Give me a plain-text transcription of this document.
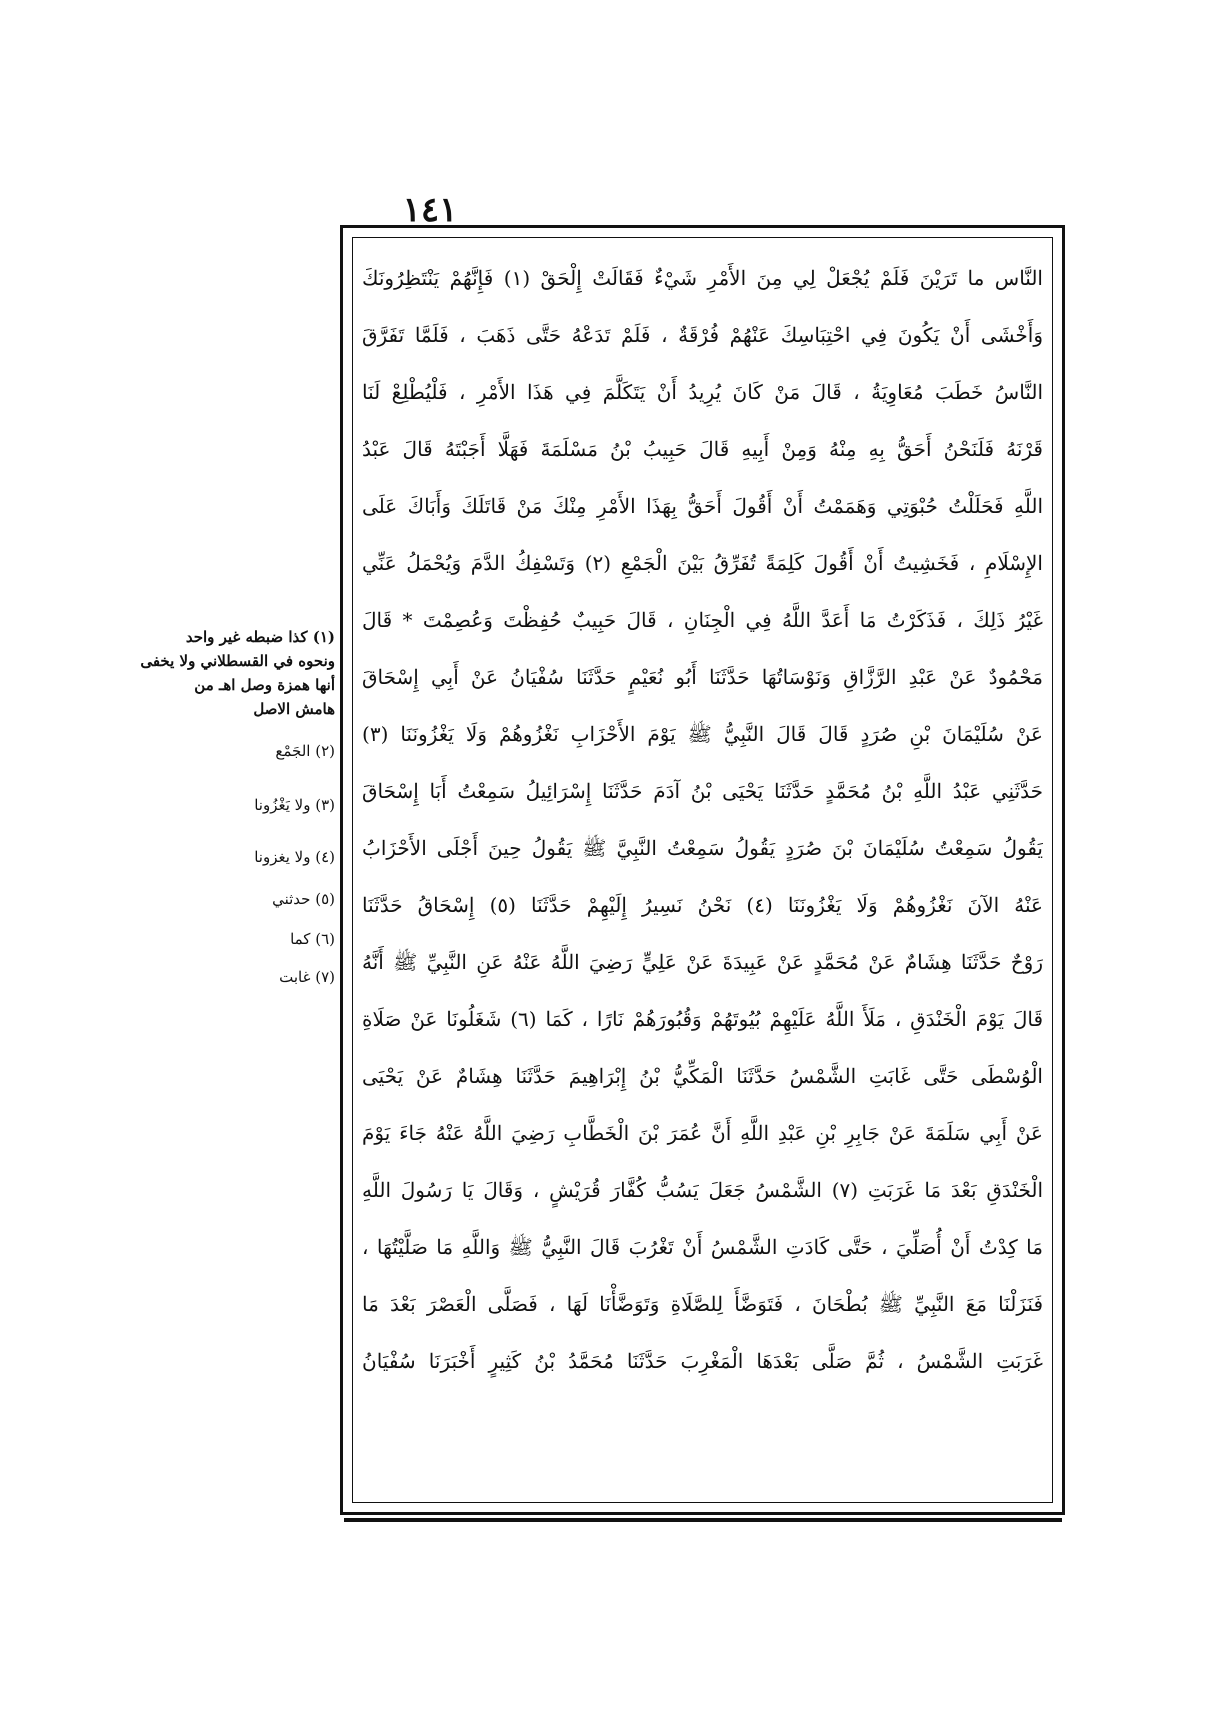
١٤١
النَّاس ما تَرَيْنَ فَلَمْ يُجْعَلْ لِي مِنَ الأَمْرِ شَيْءٌ فَقَالَتْ إِلْحَقْ (١) فَإِنَّهُمْ يَنْتَظِرُونَكَ
وَأَخْشَى أَنْ يَكُونَ فِي احْتِبَاسِكَ عَنْهُمْ فُرْقَةٌ ، فَلَمْ تَدَعْهُ حَتَّى ذَهَبَ ، فَلَمَّا تَفَرَّقَ
النَّاسُ خَطَبَ مُعَاوِيَةُ ، قَالَ مَنْ كَانَ يُرِيدُ أَنْ يَتَكَلَّمَ فِي هَذَا الأَمْرِ ، فَلْيُطْلِعْ لَنَا
قَرْنَهُ فَلَنَحْنُ أَحَقُّ بِهِ مِنْهُ وَمِنْ أَبِيهِ قَالَ حَبِيبُ بْنُ مَسْلَمَةَ فَهَلَّا أَجَبْتَهُ قَالَ عَبْدُ
اللَّهِ فَحَلَلْتُ حُبْوَتِي وَهَمَمْتُ أَنْ أَقُولَ أَحَقُّ بِهَذَا الأَمْرِ مِنْكَ مَنْ قَاتَلَكَ وَأَبَاكَ عَلَى
الإِسْلَامِ ، فَخَشِيتُ أَنْ أَقُولَ كَلِمَةً تُفَرِّقُ بَيْنَ الْجَمْعِ (٢) وَتَسْفِكُ الدَّمَ وَيُحْمَلُ عَنِّي
غَيْرُ ذَلِكَ ، فَذَكَرْتُ مَا أَعَدَّ اللَّهُ فِي الْجِنَانِ ، قَالَ حَبِيبٌ حُفِظْتَ وَعُصِمْتَ * قَالَ
مَحْمُودٌ عَنْ عَبْدِ الرَّزَّاقِ وَنَوْسَاتُهَا حَدَّثَنَا أَبُو نُعَيْمٍ حَدَّثَنَا سُفْيَانُ عَنْ أَبِي إِسْحَاقَ
عَنْ سُلَيْمَانَ بْنِ صُرَدٍ قَالَ قَالَ النَّبِيُّ ﷺ يَوْمَ الأَحْزَابِ نَغْزُوهُمْ وَلَا يَغْزُونَنَا (٣)
حَدَّثَنِي عَبْدُ اللَّهِ بْنُ مُحَمَّدٍ حَدَّثَنَا يَحْيَى بْنُ آدَمَ حَدَّثَنَا إِسْرَائِيلُ سَمِعْتُ أَبَا إِسْحَاقَ
يَقُولُ سَمِعْتُ سُلَيْمَانَ بْنَ صُرَدٍ يَقُولُ سَمِعْتُ النَّبِيَّ ﷺ يَقُولُ حِينَ أَجْلَى الأَحْزَابُ
عَنْهُ الآنَ نَغْزُوهُمْ وَلَا يَغْزُونَنَا (٤) نَحْنُ نَسِيرُ إِلَيْهِمْ حَدَّثَنَا (٥) إِسْحَاقُ حَدَّثَنَا
رَوْحٌ حَدَّثَنَا هِشَامٌ عَنْ مُحَمَّدٍ عَنْ عَبِيدَةَ عَنْ عَلِيٍّ رَضِيَ اللَّهُ عَنْهُ عَنِ النَّبِيِّ ﷺ أَنَّهُ
قَالَ يَوْمَ الْخَنْدَقِ ، مَلَأَ اللَّهُ عَلَيْهِمْ بُيُوتَهُمْ وَقُبُورَهُمْ نَارًا ، كَمَا (٦) شَغَلُونَا عَنْ صَلَاةِ
الْوُسْطَى حَتَّى غَابَتِ الشَّمْسُ حَدَّثَنَا الْمَكِّيُّ بْنُ إِبْرَاهِيمَ حَدَّثَنَا هِشَامٌ عَنْ يَحْيَى
عَنْ أَبِي سَلَمَةَ عَنْ جَابِرِ بْنِ عَبْدِ اللَّهِ أَنَّ عُمَرَ بْنَ الْخَطَّابِ رَضِيَ اللَّهُ عَنْهُ جَاءَ يَوْمَ
الْخَنْدَقِ بَعْدَ مَا غَرَبَتِ (٧) الشَّمْسُ جَعَلَ يَسُبُّ كُفَّارَ قُرَيْشٍ ، وَقَالَ يَا رَسُولَ اللَّهِ
مَا كِدْتُ أَنْ أُصَلِّيَ ، حَتَّى كَادَتِ الشَّمْسُ أَنْ تَغْرُبَ قَالَ النَّبِيُّ ﷺ وَاللَّهِ مَا صَلَّيْتُهَا ،
فَنَزَلْنَا مَعَ النَّبِيِّ ﷺ بُطْحَانَ ، فَتَوَضَّأَ لِلصَّلَاةِ وَتَوَضَّأْنَا لَهَا ، فَصَلَّى الْعَصْرَ بَعْدَ مَا
غَرَبَتِ الشَّمْسُ ، ثُمَّ صَلَّى بَعْدَهَا الْمَغْرِبَ حَدَّثَنَا مُحَمَّدُ بْنُ كَثِيرٍ أَخْبَرَنَا سُفْيَانُ
(١) كذا ضبطه غير واحد
ونحوه في القسطلاني ولا يخفى
أنها همزة وصل اهـ من
هامش الاصل
(٢) الجَمْع
(٣) ولا يَغْزُونا
(٤) ولا يغزونا
(٥) حدثني
(٦) كما
(٧) غابت
